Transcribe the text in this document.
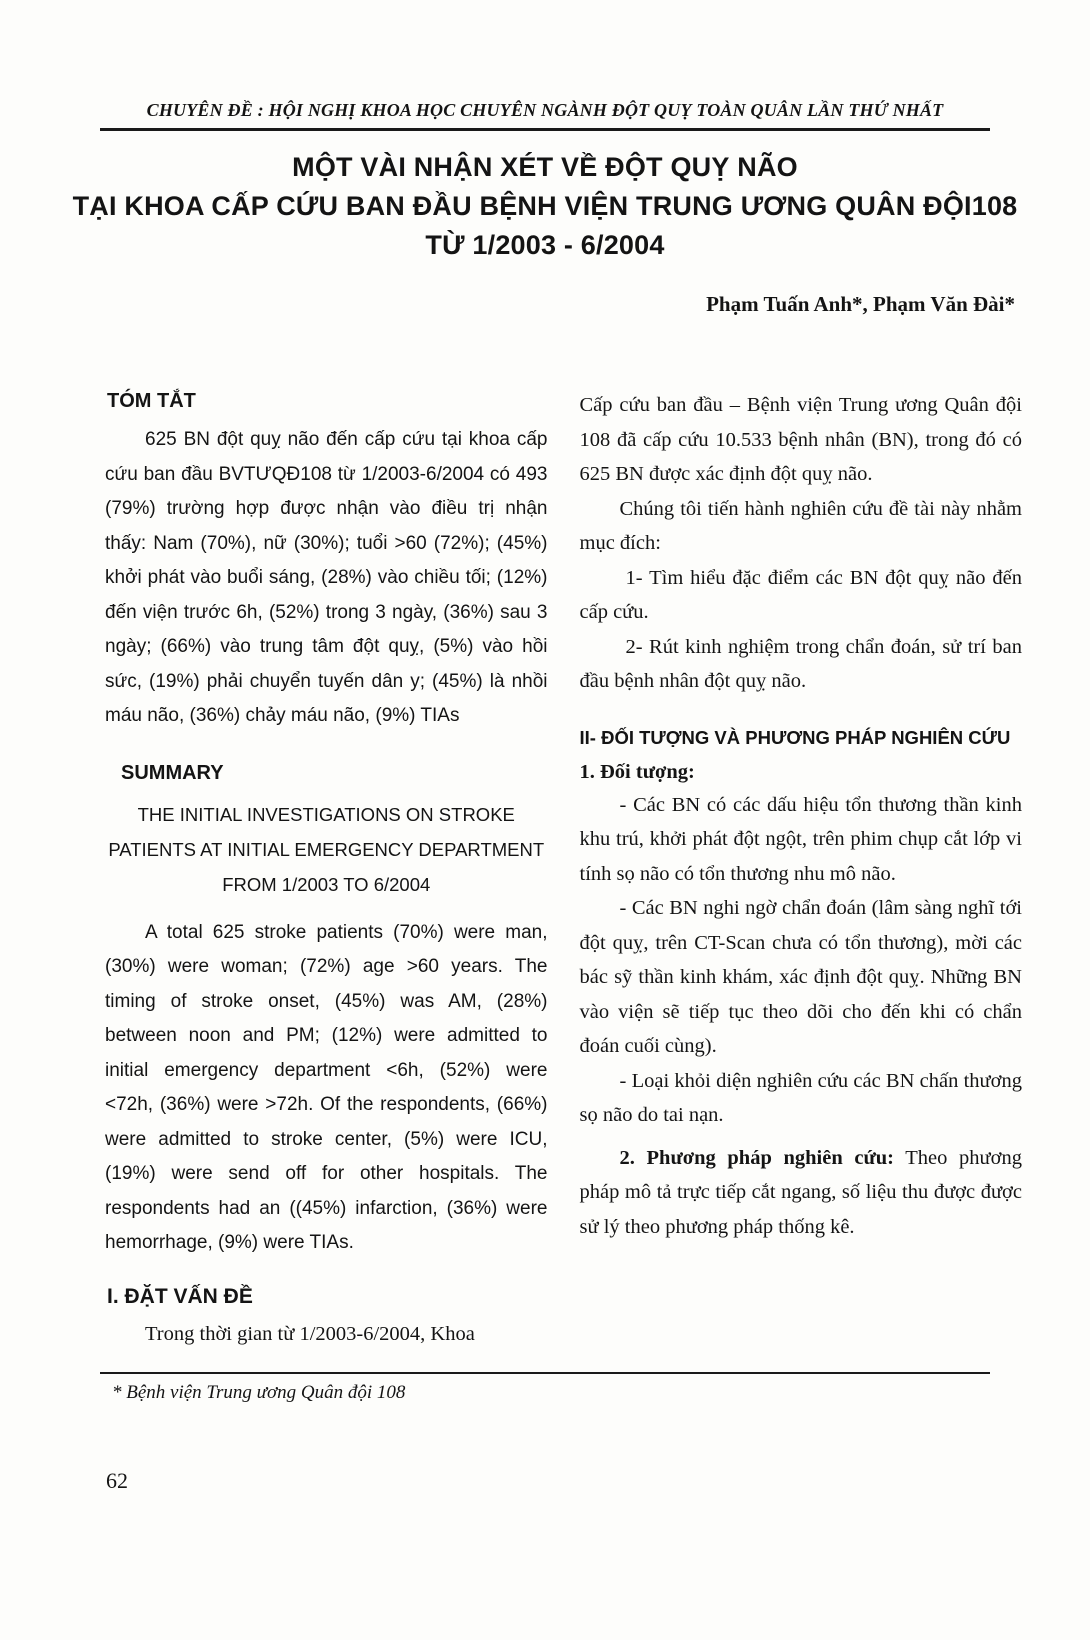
CHUYÊN ĐỀ : HỘI NGHỊ KHOA HỌC CHUYÊN NGÀNH ĐỘT QUỴ TOÀN QUÂN LẦN THỨ NHẤT
MỘT VÀI NHẬN XÉT VỀ ĐỘT QUỴ NÃO
TẠI KHOA CẤP CỨU BAN ĐẦU BỆNH VIỆN TRUNG ƯƠNG QUÂN ĐỘI108
TỪ 1/2003 - 6/2004
Phạm Tuấn Anh*, Phạm Văn Đài*

TÓM TẮT

625 BN đột quỵ não đến cấp cứu tại khoa cấp cứu ban đầu BVTƯQĐ108 từ 1/2003-6/2004 có 493 (79%) trường hợp được nhận vào điều trị nhận thấy: Nam (70%), nữ (30%); tuổi >60 (72%); (45%) khởi phát vào buổi sáng, (28%) vào chiều tối; (12%) đến viện trước 6h, (52%) trong 3 ngày, (36%) sau 3 ngày; (66%) vào trung tâm đột quỵ, (5%) vào hồi sức, (19%) phải chuyển tuyến dân y; (45%) là nhồi máu não, (36%) chảy máu não, (9%) TIAs

SUMMARY

THE INITIAL INVESTIGATIONS ON STROKE PATIENTS AT INITIAL EMERGENCY DEPARTMENT FROM 1/2003 TO 6/2004

A total 625 stroke patients (70%) were man, (30%) were woman; (72%) age >60 years. The timing of stroke onset, (45%) was AM, (28%) between noon and PM; (12%) were admitted to initial emergency department <6h, (52%) were <72h, (36%) were >72h. Of the respondents, (66%) were admitted to stroke center, (5%) were ICU, (19%) were send off for other hospitals. The respondents had an ((45%) infarction, (36%) were hemorrhage, (9%) were TIAs.

I. ĐẶT VẤN ĐỀ

Trong thời gian từ 1/2003-6/2004, Khoa

Cấp cứu ban đầu – Bệnh viện Trung ương Quân đội 108 đã cấp cứu 10.533 bệnh nhân (BN), trong đó có 625 BN được xác định đột quỵ não.

Chúng tôi tiến hành nghiên cứu đề tài này nhằm mục đích:

1- Tìm hiểu đặc điểm các BN đột quỵ não đến cấp cứu.

2- Rút kinh nghiệm trong chẩn đoán, sử trí ban đầu bệnh nhân đột quỵ não.

II- ĐỐI TƯỢNG VÀ PHƯƠNG PHÁP NGHIÊN CỨU

1. Đối tượng:

- Các BN có các dấu hiệu tổn thương thần kinh khu trú, khởi phát đột ngột, trên phim chụp cắt lớp vi tính sọ não có tổn thương nhu mô não.

- Các BN nghi ngờ chẩn đoán (lâm sàng nghĩ tới đột quỵ, trên CT-Scan chưa có tổn thương), mời các bác sỹ thần kinh khám, xác định đột quỵ. Những BN vào viện sẽ tiếp tục theo dõi cho đến khi có chẩn đoán cuối cùng).

- Loại khỏi diện nghiên cứu các BN chấn thương sọ não do tai nạn.

2. Phương pháp nghiên cứu: Theo phương pháp mô tả trực tiếp cắt ngang, số liệu thu được được sử lý theo phương pháp thống kê.

* Bệnh viện Trung ương Quân đội 108
62
